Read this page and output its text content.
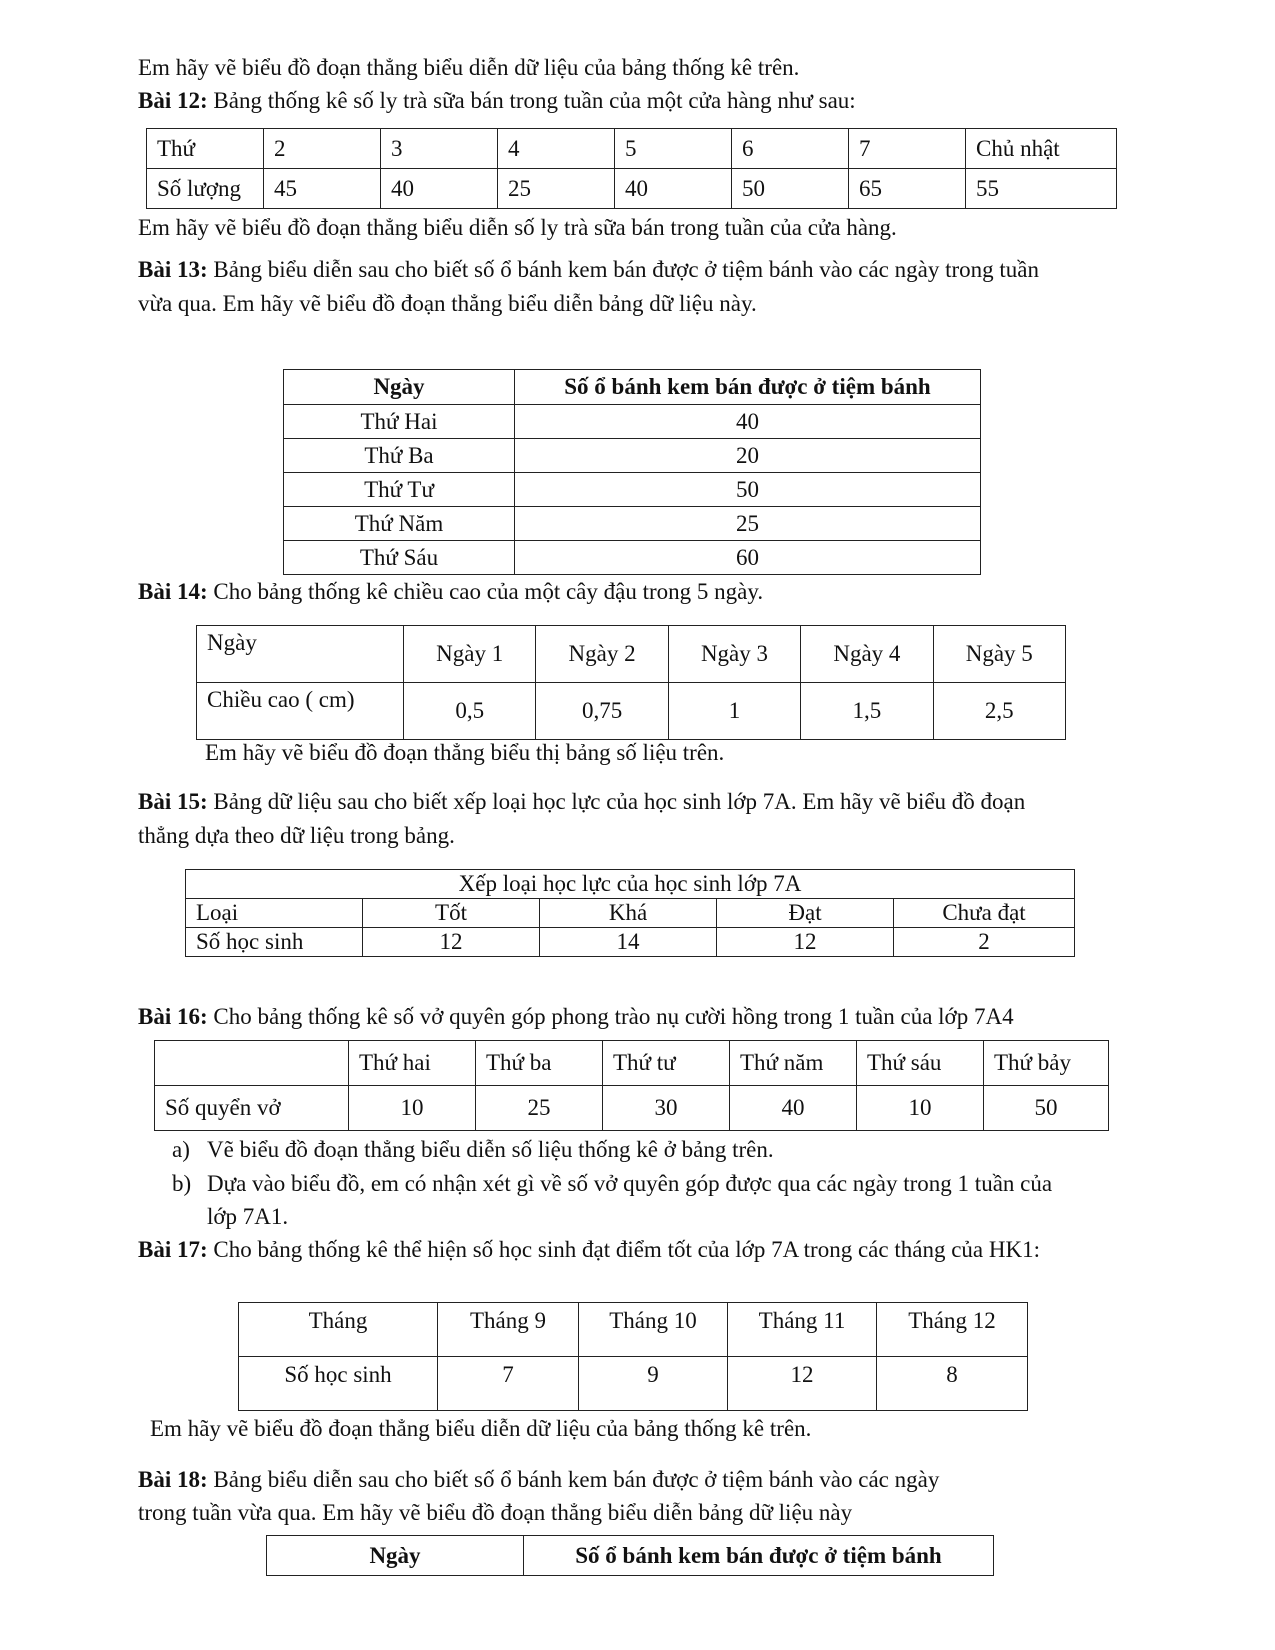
Em hãy vẽ biểu đồ đoạn thẳng biểu diễn dữ liệu của bảng thống kê trên.
Bài 12: Bảng thống kê số ly trà sữa bán trong tuần của một cửa hàng như sau:
Thứ	2	3	4	5	6	7	Chủ nhật
Số lượng	45	40	25	40	50	65	55
Em hãy vẽ biểu đồ đoạn thẳng biểu diễn số ly trà sữa bán trong tuần của cửa hàng.
Bài 13: Bảng biểu diễn sau cho biết số ổ bánh kem bán được ở tiệm bánh vào các ngày trong tuần
vừa qua. Em hãy vẽ biểu đồ đoạn thẳng biểu diễn bảng dữ liệu này.
Ngày	Số ổ bánh kem bán được ở tiệm bánh
Thứ Hai	40
Thứ Ba	20
Thứ Tư	50
Thứ Năm	25
Thứ Sáu	60
Bài 14: Cho bảng thống kê chiều cao của một cây đậu trong 5 ngày.
Ngày	Ngày 1	Ngày 2	Ngày 3	Ngày 4	Ngày 5
Chiều cao ( cm)	0,5	0,75	1	1,5	2,5
Em hãy vẽ biểu đồ đoạn thẳng biểu thị bảng số liệu trên.
Bài 15: Bảng dữ liệu sau cho biết xếp loại học lực của học sinh lớp 7A. Em hãy vẽ biểu đồ đoạn
thẳng dựa theo dữ liệu trong bảng.
Xếp loại học lực của học sinh lớp 7A				
Loại	Tốt	Khá	Đạt	Chưa đạt
Số học sinh	12	14	12	2
Bài 16: Cho bảng thống kê số vở quyên góp phong trào nụ cười hồng trong 1 tuần của lớp 7A4
	Thứ hai	Thứ ba	Thứ tư	Thứ năm	Thứ sáu	Thứ bảy
Số quyển vở	10	25	30	40	10	50
a) Vẽ biểu đồ đoạn thẳng biểu diễn số liệu thống kê ở bảng trên.
b) Dựa vào biểu đồ, em có nhận xét gì về số vở quyên góp được qua các ngày trong 1 tuần của
lớp 7A1.
Bài 17: Cho bảng thống kê thể hiện số học sinh đạt điểm tốt của lớp 7A trong các tháng của HK1:
Tháng	Tháng 9	Tháng 10	Tháng 11	Tháng 12
Số học sinh	7	9	12	8
Em hãy vẽ biểu đồ đoạn thẳng biểu diễn dữ liệu của bảng thống kê trên.
Bài 18: Bảng biểu diễn sau cho biết số ổ bánh kem bán được ở tiệm bánh vào các ngày
trong tuần vừa qua. Em hãy vẽ biểu đồ đoạn thẳng biểu diễn bảng dữ liệu này
Ngày	Số ổ bánh kem bán được ở tiệm bánh
